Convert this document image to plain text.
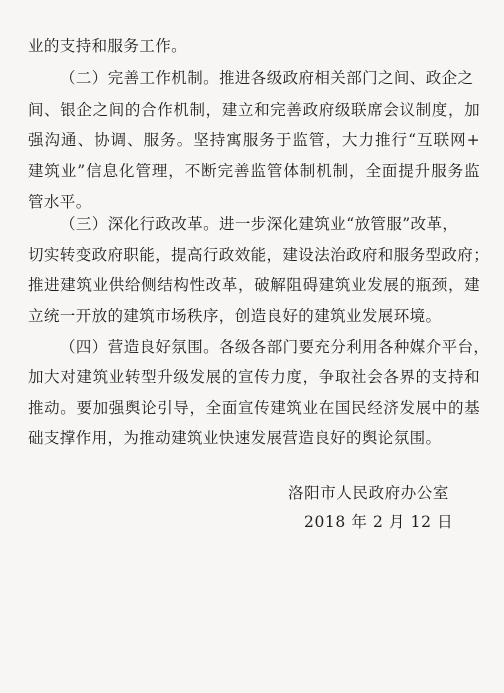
业的支持和服务工作。
（二）完善工作机制。推进各级政府相关部门之间、政企之
间、银企之间的合作机制，建立和完善政府级联席会议制度，加
强沟通、协调、服务。坚持寓服务于监管，大力推行“互联网+
建筑业”信息化管理，不断完善监管体制机制，全面提升服务监
管水平。
（三）深化行政改革。进一步深化建筑业“放管服”改革，
切实转变政府职能，提高行政效能，建设法治政府和服务型政府；
推进建筑业供给侧结构性改革，破解阻碍建筑业发展的瓶颈，建
立统一开放的建筑市场秩序，创造良好的建筑业发展环境。
（四）营造良好氛围。各级各部门要充分利用各种媒介平台，
加大对建筑业转型升级发展的宣传力度，争取社会各界的支持和
推动。要加强舆论引导，全面宣传建筑业在国民经济发展中的基
础支撑作用，为推动建筑业快速发展营造良好的舆论氛围。
洛阳市人民政府办公室
2018 年 2 月 12 日
